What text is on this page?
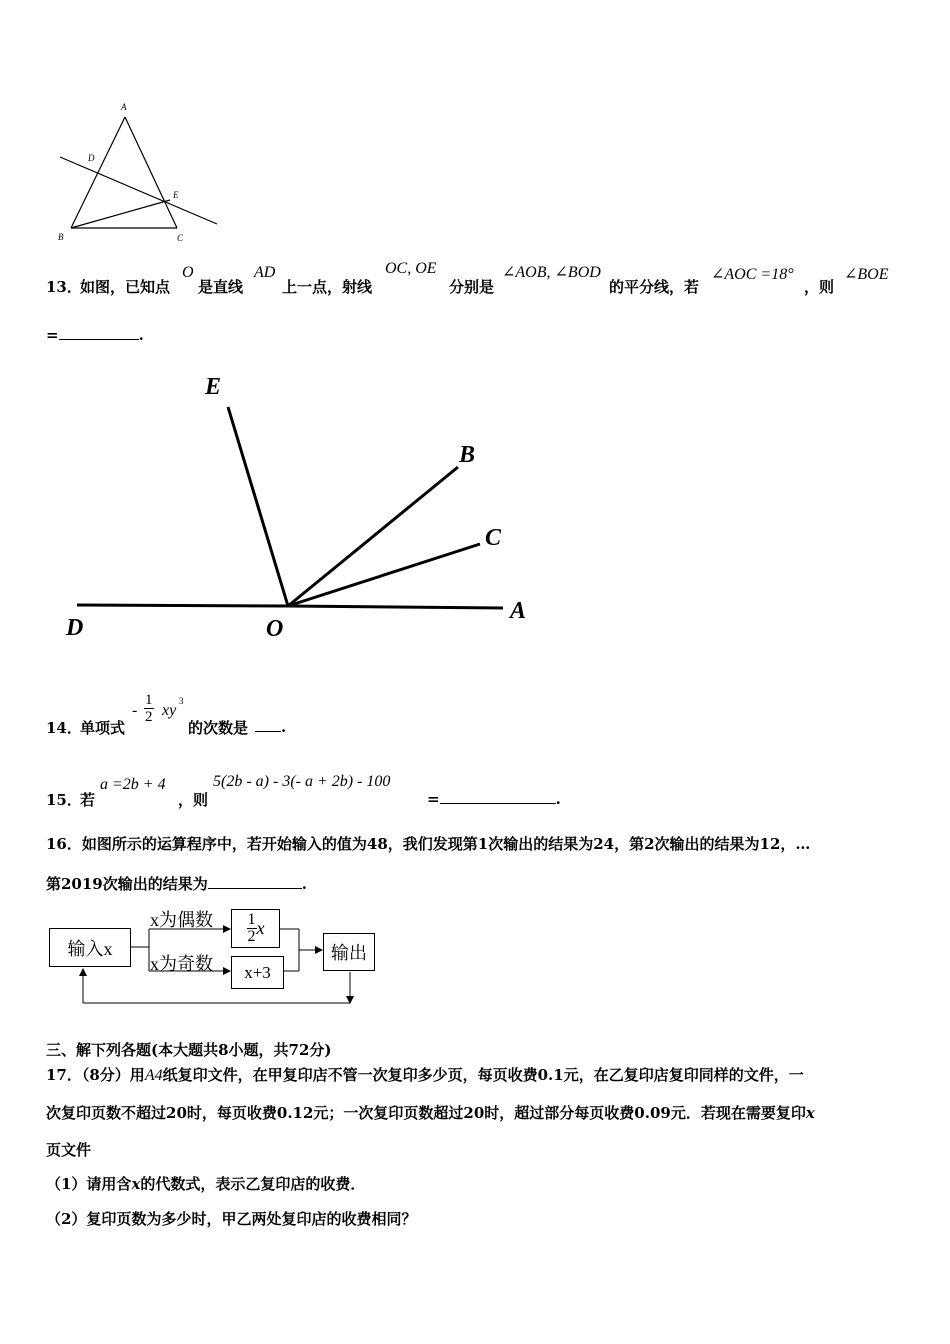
A
D
E
B	C
13．
如图，已知点
O
是直线
AD
上一点，射线
OC, OE
分别是
∠AOB, ∠BOD
的平分线，若
∠AOC =18°
，则
∠BOE
=	.
E
B
C
A
D	O
14．
单项式
- $\frac{1}{2}$ xy
3
的次数是	.
15．
若
a =2b + 4
，则
5(2b - a) - 3(- a + 2b) - 100
=	.
16．如图所示的运算程序中，若开始输入的值为48，我们发现第1次输出的结果为24，第2次输出的结果为12，…
第2019次输出的结果为	.
输入x
x为偶数
x为奇数
$\frac{1}{2}$ x
x+3
输出
三、解下列各题(本大题共8小题，共72分)
17．（8分）用A4纸复印文件，在甲复印店不管一次复印多少页，每页收费0.1元，在乙复印店复印同样的文件，一
次复印页数不超过20时，每页收费0.12元；一次复印页数超过20时，超过部分每页收费0.09元．若现在需要复印x
页文件
（1）请用含x的代数式，表示乙复印店的收费．
（2）复印页数为多少时，甲乙两处复印店的收费相同？
